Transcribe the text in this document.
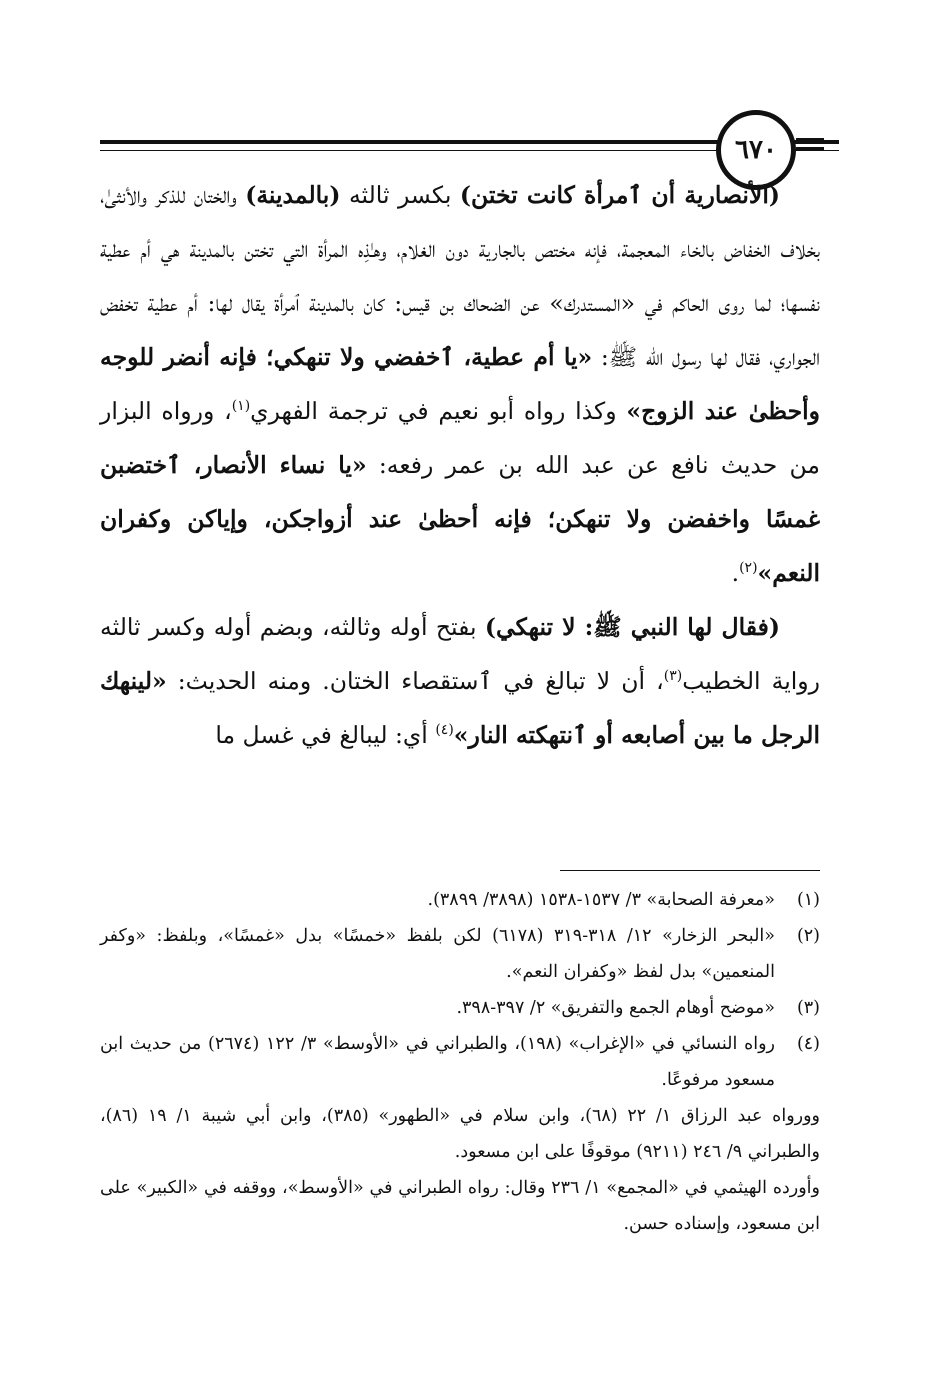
٦٧٠

(الأنصارية أن ٱمرأة كانت تختن) بكسر ثالثه (بالمدينة) والختان للذكر والأنثىٰ، بخلاف الخفاض بالخاء المعجمة، فإنه مختص بالجارية دون الغلام، وهـٰذِه المرأة التي تختن بالمدينة هي أم عطية نفسها؛ لما روى الحاكم في «المستدرك» عن الضحاك بن قيس: كان بالمدينة ٱمرأة يقال لها: أم عطية تخفض الجواري، فقال لها رسول الله ﷺ: «يا أم عطية، ٱخفضي ولا تنهكي؛ فإنه أنضر للوجه وأحظىٰ عند الزوج» وكذا رواه أبو نعيم في ترجمة الفهري$^{(١)}$، ورواه البزار من حديث نافع عن عبد الله بن عمر رفعه: «يا نساء الأنصار، ٱختضبن غمسًا واخفضن ولا تنهكن؛ فإنه أحظىٰ عند أزواجكن، وإياكن وكفران النعم»$^{(٢)}$.

(فقال لها النبي ﷺ: لا تنهكي) بفتح أوله وثالثه، وبضم أوله وكسر ثالثه رواية الخطيب$^{(٣)}$، أن لا تبالغ في ٱستقصاء الختان. ومنه الحديث: «لينهك الرجل ما بين أصابعه أو ٱنتهكته النار»$^{(٤)}$ أي: ليبالغ في غسل ما

(١)
«معرفة الصحابة» ٣/ ١٥٣٧-١٥٣٨ (٣٨٩٨/ ٣٨٩٩).

(٢)
«البحر الزخار» ١٢/ ٣١٨-٣١٩ (٦١٧٨) لكن بلفظ «خمسًا» بدل «غمسًا»، وبلفظ: «وكفر المنعمين» بدل لفظ «وكفران النعم».

(٣)
«موضح أوهام الجمع والتفريق» ٢/ ٣٩٧-٣٩٨.

(٤)
رواه النسائي في «الإغراب» (١٩٨)، والطبراني في «الأوسط» ٣/ ١٢٢ (٢٦٧٤) من حديث ابن مسعود مرفوعًا.

وورواه عبد الرزاق ١/ ٢٢ (٦٨)، وابن سلام في «الطهور» (٣٨٥)، وابن أبي شيبة ١/ ١٩ (٨٦)، والطبراني ٩/ ٢٤٦ (٩٢١١) موقوفًا على ابن مسعود.

وأورده الهيثمي في «المجمع» ١/ ٢٣٦ وقال: رواه الطبراني في «الأوسط»، ووقفه في «الكبير» على ابن مسعود، وإسناده حسن.
